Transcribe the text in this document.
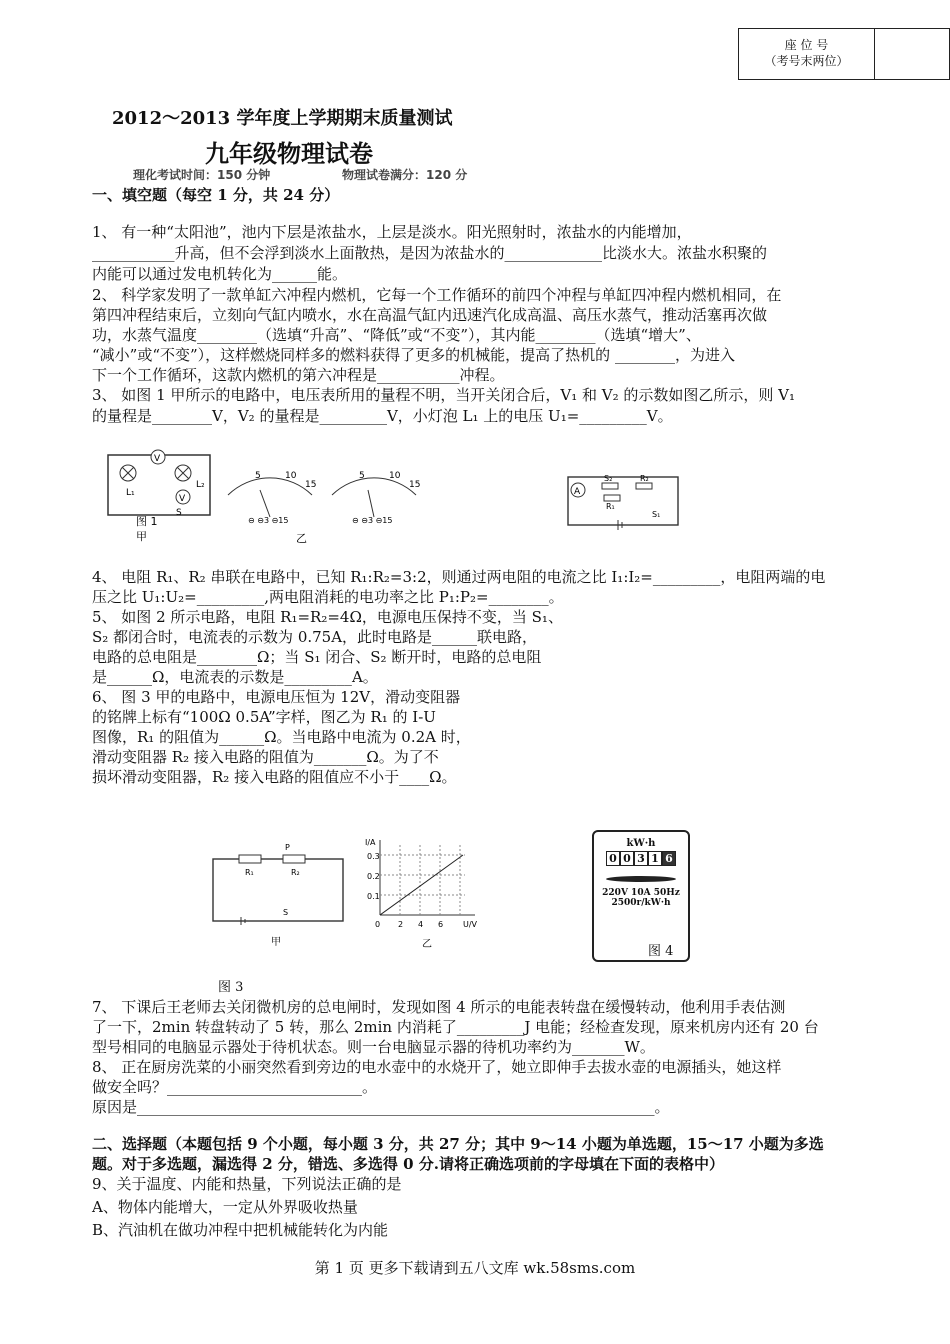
座 位 号
（考号末两位）
2012～2013 学年度上学期期末质量测试
九年级物理试卷
理化考试时间：150 分钟	物理试卷满分：120 分
一、填空题（每空 1 分，共 24 分）
1、 有一种“太阳池”，池内下层是浓盐水，上层是淡水。阳光照射时，浓盐水的内能增加，
___________升高，但不会浮到淡水上面散热，是因为浓盐水的_____________比淡水大。浓盐水积聚的
内能可以通过发电机转化为______能。
2、 科学家发明了一款单缸六冲程内燃机，它每一个工作循环的前四个冲程与单缸四冲程内燃机相同，在
第四冲程结束后，立刻向气缸内喷水，水在高温气缸内迅速汽化成高温、高压水蒸气，推动活塞再次做
功，水蒸气温度________（选填“升高”、“降低”或“不变”），其内能________（选填“增大”、
“减小”或“不变”），这样燃烧同样多的燃料获得了更多的机械能，提高了热机的 ________，为进入
下一个工作循环，这款内燃机的第六冲程是___________冲程。
3、 如图 1 甲所示的电路中，电压表所用的量程不明，当开关闭合后，V₁ 和 V₂ 的示数如图乙所示，则 V₁
的量程是________V，V₂ 的量程是_________V，小灯泡 L₁ 上的电压 U₁=_________V。
V
V
L₁
L₂
S
图 1
甲
5	10
15
⊖ ⊖3 ⊖15
5	10
15
⊖ ⊖3 ⊖15
乙
A
S₂	R₂
R₁
S₁
4、 电阻 R₁、R₂ 串联在电路中，已知 R₁:R₂=3:2，则通过两电阻的电流之比 I₁:I₂=_________，电阻两端的电
压之比 U₁:U₂=_________,两电阻消耗的电功率之比 P₁:P₂=________。
5、 如图 2 所示电路，电阻 R₁=R₂=4Ω，电源电压保持不变，当 S₁、
S₂ 都闭合时，电流表的示数为 0.75A，此时电路是______联电路，
电路的总电阻是________Ω；当 S₁ 闭合、S₂ 断开时，电路的总电阻
是______Ω，电流表的示数是_________A。
6、 图 3 甲的电路中，电源电压恒为 12V，滑动变阻器
的铭牌上标有“100Ω 0.5A”字样，图乙为 R₁ 的 I-U
图像，R₁ 的阻值为______Ω。当电路中电流为 0.2A 时，
滑动变阻器 R₂ 接入电路的阻值为_______Ω。为了不
损坏滑动变阻器，R₂ 接入电路的阻值应不小于____Ω。
R₁	R₂
P
S
甲
I/A
0.3
0.2
0.1
0 2 4 6 U/V
乙
图 3
kW·h
0 0 3 1 6
220V 10A 50Hz
2500r/kW·h
图 4
7、 下课后王老师去关闭微机房的总电闸时，发现如图 4 所示的电能表转盘在缓慢转动，他利用手表估测
了一下，2min 转盘转动了 5 转，那么 2min 内消耗了_________J 电能；经检查发现，原来机房内还有 20 台
型号相同的电脑显示器处于待机状态。则一台电脑显示器的待机功率约为_______W。
8、 正在厨房洗菜的小丽突然看到旁边的电水壶中的水烧开了，她立即伸手去拔水壶的电源插头，她这样
做安全吗？__________________________。
原因是_____________________________________________________________________。
二、选择题（本题包括 9 个小题，每小题 3 分，共 27 分；其中 9～14 小题为单选题，15～17 小题为多选
题。对于多选题，漏选得 2 分，错选、多选得 0 分.请将正确选项前的字母填在下面的表格中）
9、关于温度、内能和热量，下列说法正确的是
A、物体内能增大，一定从外界吸收热量
B、汽油机在做功冲程中把机械能转化为内能
第 1 页 更多下载请到五八文库 wk.58sms.com
